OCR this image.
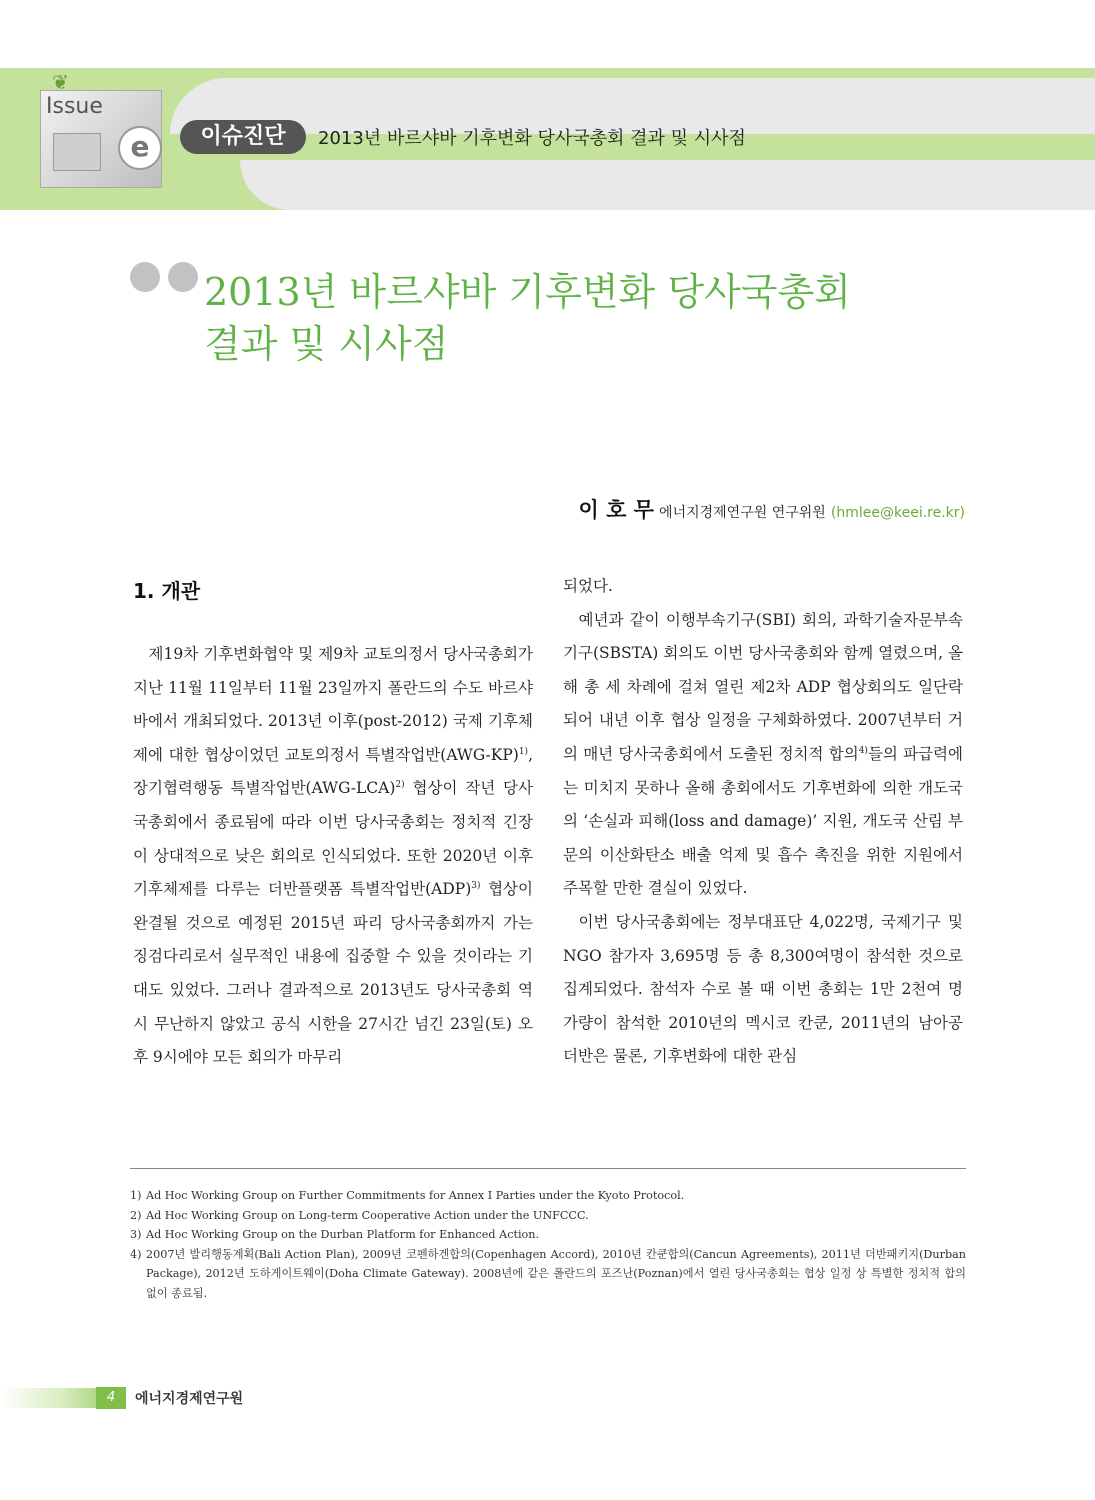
❦
Issue
e	이슈진단	2013년 바르샤바 기후변화 당사국총회 결과 및 시사점
2013년 바르샤바 기후변화 당사국총회
결과 및 시사점
이 호 무 에너지경제연구원 연구위원 (hmlee@keei.re.kr)
1. 개관

제19차 기후변화협약 및 제9차 교토의정서 당사국총회가 지난 11월 11일부터 11월 23일까지 폴란드의 수도 바르샤바에서 개최되었다. 2013년 이후(post-2012) 국제 기후체제에 대한 협상이었던 교토의정서 특별작업반$(AWG-KP)^{1)}$, 장기협력행동 특별작업반$(AWG-LCA)^{2)}$ 협상이 작년 당사국총회에서 종료됨에 따라 이번 당사국총회는 정치적 긴장이 상대적으로 낮은 회의로 인식되었다. 또한 2020년 이후 기후체제를 다루는 더반플랫폼 특별작업반(ADP)$^{3)}$ 협상이 완결될 것으로 예정된 2015년 파리 당사국총회까지 가는 징검다리로서 실무적인 내용에 집중할 수 있을 것이라는 기대도 있었다. 그러나 결과적으로 2013년도 당사국총회 역시 무난하지 않았고 공식 시한을 27시간 넘긴 23일(토) 오후 9시에야 모든 회의가 마무리

되었다.

예년과 같이 이행부속기구(SBI) 회의, 과학기술자문부속기구(SBSTA) 회의도 이번 당사국총회와 함께 열렸으며, 올해 총 세 차례에 걸쳐 열린 제2차 ADP 협상회의도 일단락되어 내년 이후 협상 일정을 구체화하였다. 2007년부터 거의 매년 당사국총회에서 도출된 정치적 합의$^{4)}$들의 파급력에는 미치지 못하나 올해 총회에서도 기후변화에 의한 개도국의 ‘손실과 피해(loss and damage)’ 지원, 개도국 산림 부문의 이산화탄소 배출 억제 및 흡수 촉진을 위한 지원에서 주목할 만한 결실이 있었다.

이번 당사국총회에는 정부대표단 4,022명, 국제기구 및 NGO 참가자 3,695명 등 총 8,300여명이 참석한 것으로 집계되었다. 참석자 수로 볼 때 이번 총회는 1만 2천여 명 가량이 참석한 2010년의 멕시코 칸쿤, 2011년의 남아공 더반은 물론, 기후변화에 대한 관심

1) Ad Hoc Working Group on Further Commitments for Annex I Parties under the Kyoto Protocol.
2) Ad Hoc Working Group on Long-term Cooperative Action under the UNFCCC.
3) Ad Hoc Working Group on the Durban Platform for Enhanced Action.
4) 2007년 발리행동계획(Bali Action Plan), 2009년 코펜하겐합의(Copenhagen Accord), 2010년 칸쿤합의(Cancun Agreements), 2011년 더반패키지(Durban Package), 2012년 도하게이트웨이(Doha Climate Gateway). 2008년에 같은 폴란드의 포즈난(Poznan)에서 열린 당사국총회는 협상 일정 상 특별한 정치적 합의 없이 종료됨.
4	에너지경제연구원
